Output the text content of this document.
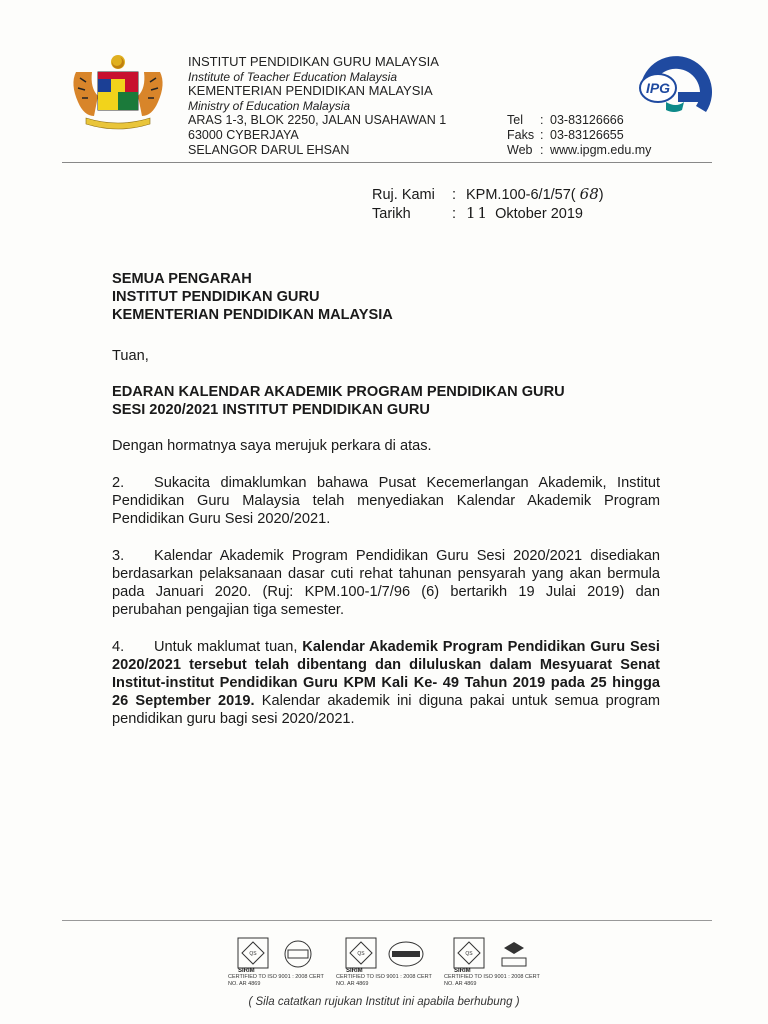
INSTITUT PENDIDIKAN GURU MALAYSIA
Institute of Teacher Education Malaysia
KEMENTERIAN PENDIDIKAN MALAYSIA
Ministry of Education Malaysia
ARAS 1-3, BLOK 2250, JALAN USAHAWAN 1
63000 CYBERJAYA
SELANGOR DARUL EHSAN
IPG
Tel	: 03-83126666
Faks : 03-83126655
Web : www.ipgm.edu.my
Ruj. Kami	: KPM.100-6/1/57(
68 )
Tarikh	: 11 Oktober 2019
SEMUA PENGARAH
INSTITUT PENDIDIKAN GURU
KEMENTERIAN PENDIDIKAN MALAYSIA
Tuan,
EDARAN KALENDAR AKADEMIK PROGRAM PENDIDIKAN GURU
SESI 2020/2021 INSTITUT PENDIDIKAN GURU
Dengan hormatnya saya merujuk perkara di atas.
2. Sukacita dimaklumkan bahawa Pusat Kecemerlangan Akademik, Institut Pendidikan Guru Malaysia telah menyediakan Kalendar Akademik Program Pendidikan Guru Sesi 2020/2021.
3. Kalendar Akademik Program Pendidikan Guru Sesi 2020/2021 disediakan berdasarkan pelaksanaan dasar cuti rehat tahunan pensyarah yang akan bermula pada Januari 2020. (Ruj: KPM.100-1/7/96 (6) bertarikh 19 Julai 2019) dan perubahan pengajian tiga semester.
4. Untuk maklumat tuan, Kalendar Akademik Program Pendidikan Guru Sesi 2020/2021 tersebut telah dibentang dan diluluskan dalam Mesyuarat Senat Institut-institut Pendidikan Guru KPM Kali Ke- 49 Tahun 2019 pada 25 hingga 26 September 2019. Kalendar akademik ini diguna pakai untuk semua program pendidikan guru bagi sesi 2020/2021.
QS
SIRIM
CERTIFIED TO ISO 9001 : 2008 CERT NO. AR 4869
QS
SIRIM
CERTIFIED TO ISO 9001 : 2008 CERT NO. AR 4869
QS
SIRIM
CERTIFIED TO ISO 9001 : 2008 CERT NO. AR 4869
( Sila catatkan rujukan Institut ini apabila berhubung )
